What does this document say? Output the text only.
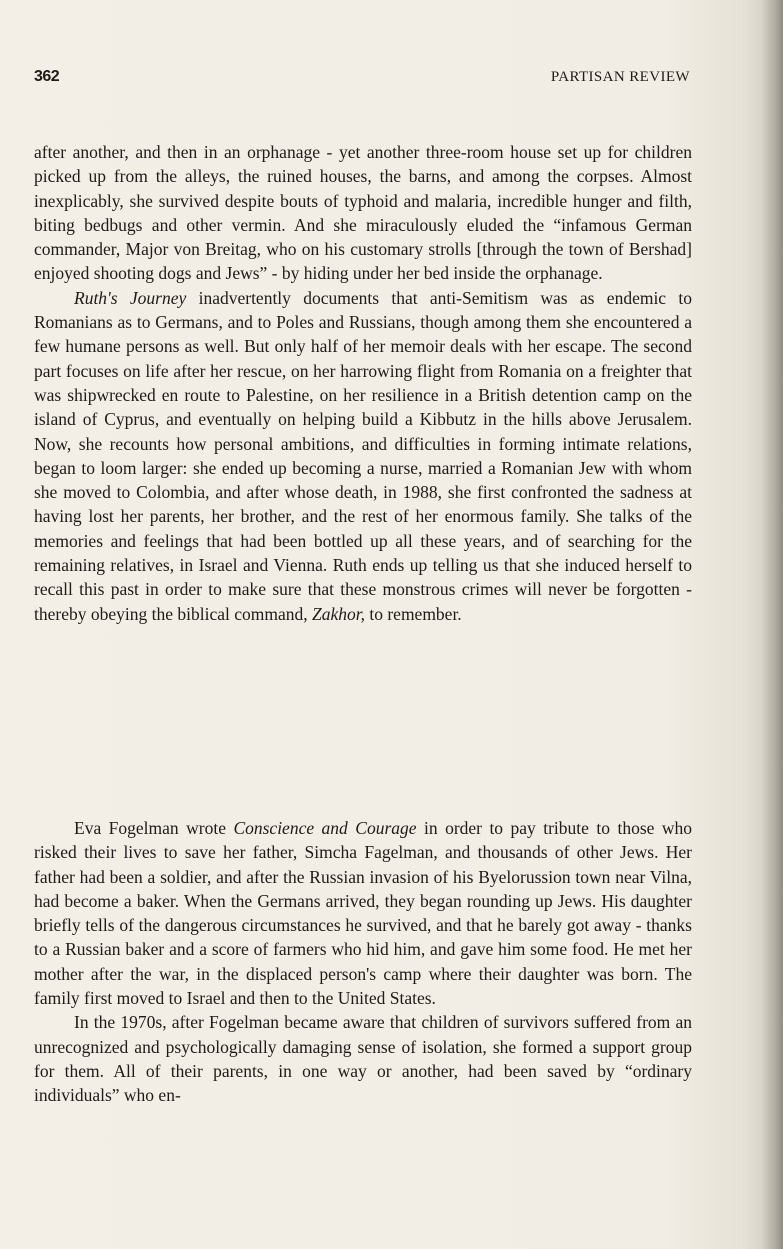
362	PARTISAN REVIEW

after another, and then in an orphanage - yet another three-room house set up for children picked up from the alleys, the ruined houses, the barns, and among the corpses. Almost inexplicably, she survived despite bouts of typhoid and malaria, incredible hunger and filth, biting bedbugs and other vermin. And she miraculously eluded the “infamous German commander, Major von Breitag, who on his customary strolls [through the town of Bershad] enjoyed shooting dogs and Jews” - by hiding under her bed inside the orphanage.

Ruth's Journey inadvertently documents that anti-Semitism was as endemic to Romanians as to Germans, and to Poles and Russians, though among them she encountered a few humane persons as well. But only half of her memoir deals with her escape. The second part focuses on life after her rescue, on her harrowing flight from Romania on a freighter that was shipwrecked en route to Palestine, on her resilience in a British detention camp on the island of Cyprus, and eventually on helping build a Kibbutz in the hills above Jerusalem. Now, she recounts how personal ambitions, and difficulties in forming intimate relations, began to loom larger: she ended up becoming a nurse, married a Romanian Jew with whom she moved to Colombia, and after whose death, in 1988, she first confronted the sadness at having lost her parents, her brother, and the rest of her enormous family. She talks of the memories and feelings that had been bottled up all these years, and of searching for the remaining relatives, in Israel and Vienna. Ruth ends up telling us that she induced herself to recall this past in order to make sure that these monstrous crimes will never be forgotten - thereby obeying the biblical command, Zakhor, to remember.

Eva Fogelman wrote Conscience and Courage in order to pay tribute to those who risked their lives to save her father, Simcha Fagelman, and thousands of other Jews. Her father had been a soldier, and after the Russian invasion of his Byelorussion town near Vilna, had become a baker. When the Germans arrived, they began rounding up Jews. His daughter briefly tells of the dangerous circumstances he survived, and that he barely got away - thanks to a Russian baker and a score of farmers who hid him, and gave him some food. He met her mother after the war, in the displaced person's camp where their daughter was born. The family first moved to Israel and then to the United States.

In the 1970s, after Fogelman became aware that children of survivors suffered from an unrecognized and psychologically damaging sense of isolation, she formed a support group for them. All of their parents, in one way or another, had been saved by “ordinary individuals” who en-
